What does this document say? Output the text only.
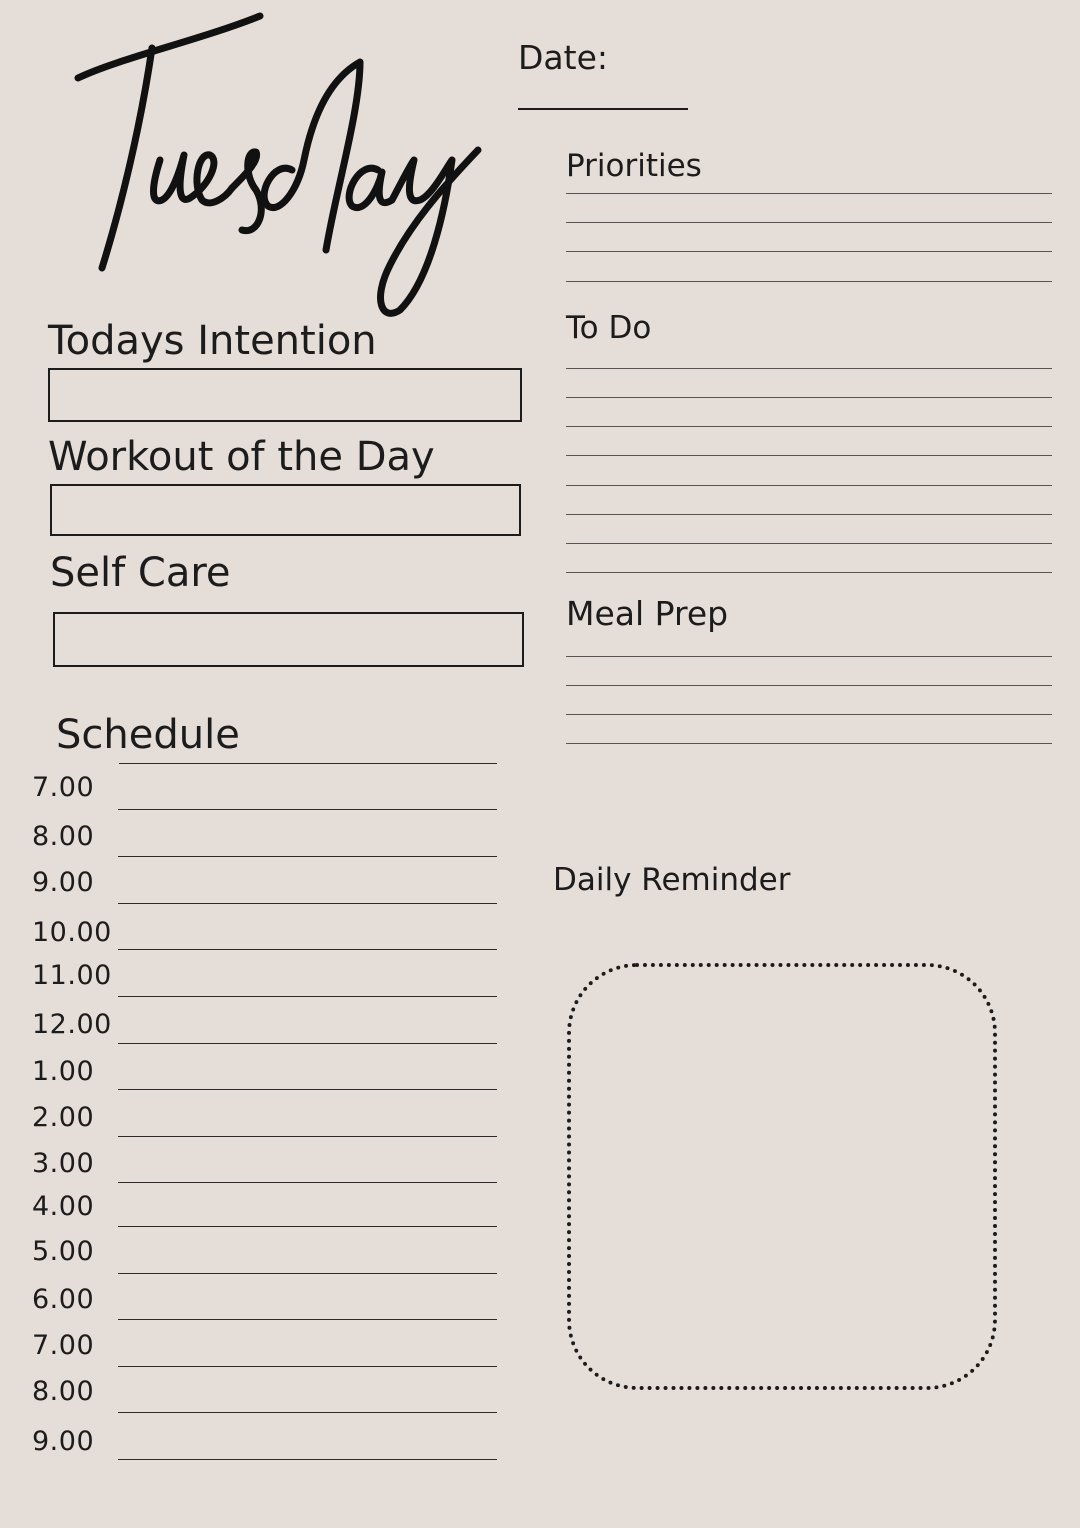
Date:
Todays Intention
Workout of the Day
Self Care
Schedule
7.00
8.00
9.00
10.00
11.00
12.00
1.00
2.00
3.00
4.00
5.00
6.00
7.00
8.00
9.00
Priorities
To Do
Meal Prep
Daily Reminder
